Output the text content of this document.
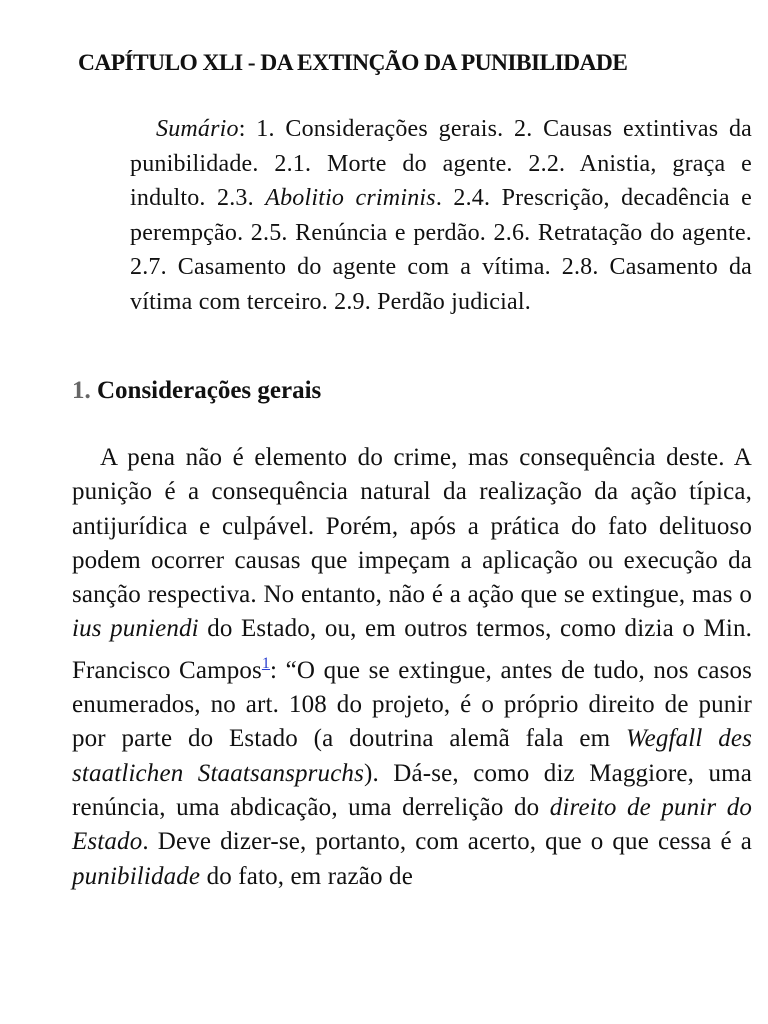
CAPÍTULO XLI - DA EXTINÇÃO DA PUNIBILIDADE
Sumário: 1. Considerações gerais. 2. Causas extintivas da punibilidade. 2.1. Morte do agente. 2.2. Anistia, graça e indulto. 2.3. Abolitio criminis. 2.4. Prescrição, decadência e perempção. 2.5. Renúncia e perdão. 2.6. Retratação do agente. 2.7. Casamento do agente com a vítima. 2.8. Casamento da vítima com terceiro. 2.9. Perdão judicial.
1. Considerações gerais
A pena não é elemento do crime, mas consequência deste. A punição é a consequência natural da realização da ação típica, antijurídica e culpável. Porém, após a prática do fato delituoso podem ocorrer causas que impeçam a aplicação ou execução da sanção respectiva. No entanto, não é a ação que se extingue, mas o ius puniendi do Estado, ou, em outros termos, como dizia o Min. Francisco Campos$^1$: “O que se extingue, antes de tudo, nos casos enumerados, no art. 108 do projeto, é o próprio direito de punir por parte do Estado (a doutrina alemã fala em Wegfall des staatlichen Staatsanspruchs). Dá-se, como diz Maggiore, uma renúncia, uma abdicação, uma derrelição do direito de punir do Estado. Deve dizer-se, portanto, com acerto, que o que cessa é a punibilidade do fato, em razão de
